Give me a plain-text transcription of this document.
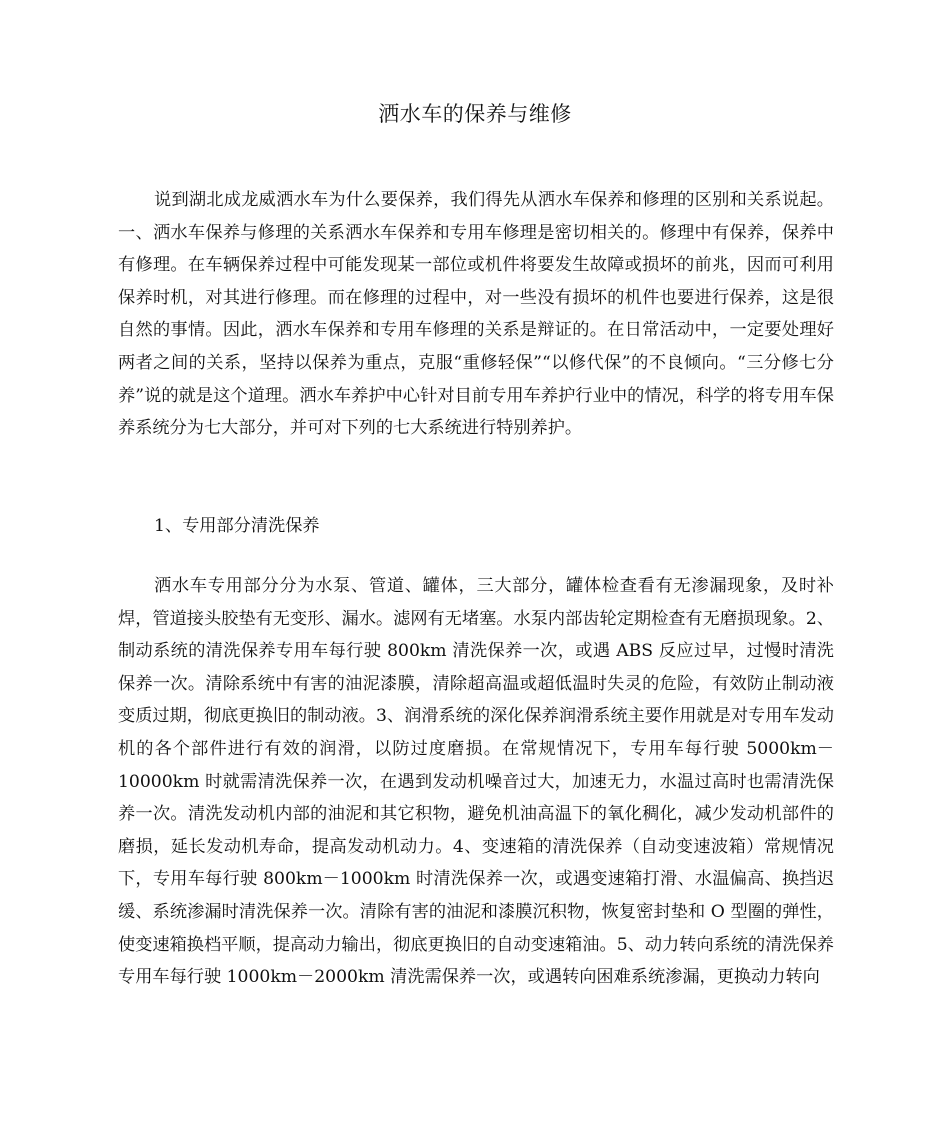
洒水车的保养与维修

说到湖北成龙威洒水车为什么要保养，我们得先从洒水车保养和修理的区别和关系说起。一、洒水车保养与修理的关系洒水车保养和专用车修理是密切相关的。修理中有保养，保养中有修理。在车辆保养过程中可能发现某一部位或机件将要发生故障或损坏的前兆，因而可利用保养时机，对其进行修理。而在修理的过程中，对一些没有损坏的机件也要进行保养，这是很自然的事情。因此，洒水车保养和专用车修理的关系是辩证的。在日常活动中，一定要处理好两者之间的关系，坚持以保养为重点，克服“重修轻保”“以修代保”的不良倾向。“三分修七分养”说的就是这个道理。洒水车养护中心针对目前专用车养护行业中的情况，科学的将专用车保养系统分为七大部分，并可对下列的七大系统进行特别养护。

1、专用部分清洗保养

洒水车专用部分分为水泵、管道、罐体，三大部分，罐体检查看有无渗漏现象，及时补焊，管道接头胶垫有无变形、漏水。滤网有无堵塞。水泵内部齿轮定期检查有无磨损现象。2、制动系统的清洗保养专用车每行驶 800km 清洗保养一次，或遇 ABS 反应过早，过慢时清洗保养一次。清除系统中有害的油泥漆膜，清除超高温或超低温时失灵的危险，有效防止制动液变质过期，彻底更换旧的制动液。3、润滑系统的深化保养润滑系统主要作用就是对专用车发动机的各个部件进行有效的润滑，以防过度磨损。在常规情况下，专用车每行驶 5000km－10000km 时就需清洗保养一次，在遇到发动机噪音过大，加速无力，水温过高时也需清洗保养一次。清洗发动机内部的油泥和其它积物，避免机油高温下的氧化稠化，减少发动机部件的磨损，延长发动机寿命，提高发动机动力。4、变速箱的清洗保养（自动变速波箱）常规情况下，专用车每行驶 800km－1000km 时清洗保养一次，或遇变速箱打滑、水温偏高、换挡迟缓、系统渗漏时清洗保养一次。清除有害的油泥和漆膜沉积物，恢复密封垫和 O 型圈的弹性，使变速箱换档平顺，提高动力输出，彻底更换旧的自动变速箱油。5、动力转向系统的清洗保养专用车每行驶 1000km－2000km 清洗需保养一次，或遇转向困难系统渗漏，更换动力转向
